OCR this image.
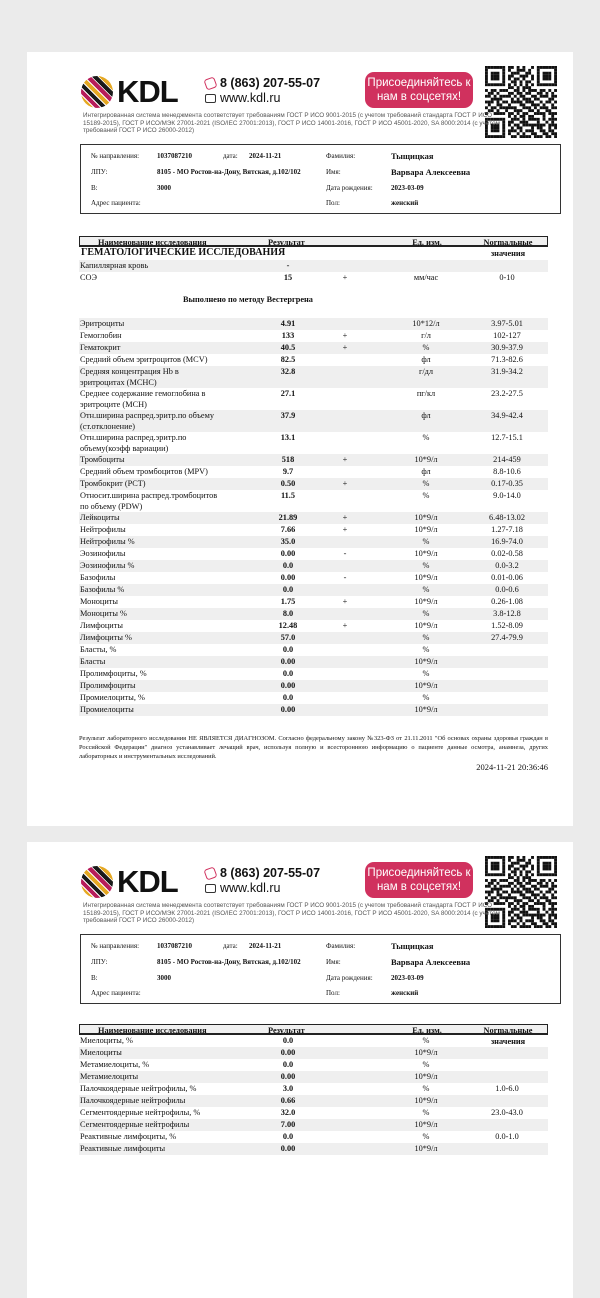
KDL	8 (863) 207-55-07
www.kdl.ru
Присоединяйтесь к нам в соцсетях!
Интегрированная система менеджмента соответствует требованиям ГОСТ Р ИСО 9001-2015 (с учетом требований стандарта ГОСТ Р ИСО 15189-2015), ГОСТ Р ИСО/МЭК 27001-2021 (ISO/IEC 27001:2013), ГОСТ Р ИСО 14001-2016, ГОСТ Р ИСО 45001-2020, SA 8000:2014 (с учётом требований ГОСТ Р ИСО 26000-2012)
№ направления:	1037087210	дата: 2024-11-21
ЛПУ:	8105 - МО Ростов-на-Дону, Вятская, д.102/102
В:	3000
Адрес пациента:
Фамилия:	Тыщицкая
Имя:	Варвара Алексеевна
Дата рождения:	2023-03-09
Пол:	женский
Наименование исследования	Результат	Ед. изм.	Normальные значения
ГЕМАТОЛОГИЧЕСКИЕ ИССЛЕДОВАНИЯ
Капиллярная кровь	-
СОЭ	15	+	мм/час	0-10
Выполнено по методу Вестергрена
Эритроциты	4.91	10*12/л	3.97-5.01
Гемоглобин	133	+	г/л	102-127
Гематокрит	40.5	+	%	30.9-37.9
Средний объем эритроцитов (MCV)	82.5	фл	71.3-82.6
Средняя концентрация Hb в
эритроцитах (MCHC)
32.8	г/дл	31.9-34.2
Среднее содержание гемоглобина в
эритроците (MCH)
27.1	пг/кл	23.2-27.5
Отн.ширина распред.эритр.по объему
(ст.отклонение)
37.9	фл	34.9-42.4
Отн.ширина распред.эритр.по
объему(коэфф вариации)
13.1	%	12.7-15.1
Тромбоциты	518	+	10*9/л	214-459
Средний объем тромбоцитов (MPV)	9.7	фл	8.8-10.6
Тромбокрит (PCT)	0.50	+	%	0.17-0.35
Относит.ширина распред.тромбоцитов
по объему (PDW)
11.5	%	9.0-14.0
Лейкоциты	21.89	+	10*9/л	6.48-13.02
Нейтрофилы	7.66	+	10*9/л	1.27-7.18
Нейтрофилы %	35.0	%	16.9-74.0
Эозинофилы	0.00	-	10*9/л	0.02-0.58
Эозинофилы %	0.0	%	0.0-3.2
Базофилы	0.00	-	10*9/л	0.01-0.06
Базофилы %	0.0	%	0.0-0.6
Моноциты	1.75	+	10*9/л	0.26-1.08
Моноциты %	8.0	%	3.8-12.8
Лимфоциты	12.48	+	10*9/л	1.52-8.09
Лимфоциты %	57.0	%	27.4-79.9
Бласты, %	0.0	%
Бласты	0.00	10*9/л
Пролимфоциты, %	0.0	%
Пролимфоциты	0.00	10*9/л
Промиелоциты, %	0.0	%
Промиелоциты	0.00	10*9/л
Результат лабораторного исследования НЕ ЯВЛЯЕТСЯ ДИАГНОЗОМ. Согласно федеральному закону №323-ФЗ от 21.11.2011 "Об основах охраны здоровья граждан в Российской Федерации" диагноз устанавливает лечащий врач, используя полную и всестороннюю информацию о пациенте данные осмотра, анамнеза, других лабораторных и инструментальных исследований.
2024-11-21 20:36:46
KDL	8 (863) 207-55-07
www.kdl.ru
Присоединяйтесь к нам в соцсетях!
Интегрированная система менеджмента соответствует требованиям ГОСТ Р ИСО 9001-2015 (с учетом требований стандарта ГОСТ Р ИСО 15189-2015), ГОСТ Р ИСО/МЭК 27001-2021 (ISO/IEC 27001:2013), ГОСТ Р ИСО 14001-2016, ГОСТ Р ИСО 45001-2020, SA 8000:2014 (с учётом требований ГОСТ Р ИСО 26000-2012)
№ направления:	1037087210	дата: 2024-11-21
ЛПУ:	8105 - МО Ростов-на-Дону, Вятская, д.102/102
В:	3000
Адрес пациента:
Фамилия:	Тыщицкая
Имя:	Варвара Алексеевна
Дата рождения:	2023-03-09
Пол:	женский
Наименование исследования	Результат	Ед. изм.	Normальные значения
Миелоциты, %	0.0	%
Миелоциты	0.00	10*9/л
Метамиелоциты, %	0.0	%
Метамиелоциты	0.00	10*9/л
Палочкоядерные нейтрофилы, %	3.0	%	1.0-6.0
Палочкоядерные нейтрофилы	0.66	10*9/л
Сегментоядерные нейтрофилы, %	32.0	%	23.0-43.0
Сегментоядерные нейтрофилы	7.00	10*9/л
Реактивные лимфоциты, %	0.0	%	0.0-1.0
Реактивные лимфоциты	0.00	10*9/л
